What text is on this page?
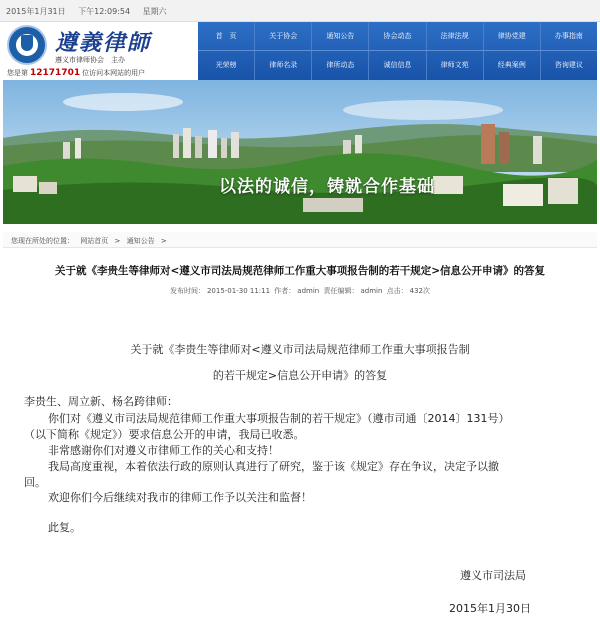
2015年1月31日 下午12:09:54 星期六
遵義律師
遵义市律师协会　主办
您是第 12171701 位访问本网站的用户
首　页	关于协会	通知公告	协会动态	法律法规	律协党建	办事指南
光荣榜	律师名录	律所动态	诚信信息	律师文苑	经典案例	咨询建议
以法的诚信，铸就合作基础
您现在所处的位置： 网站首页 > 通知公告 >
关于就《李贵生等律师对<遵义市司法局规范律师工作重大事项报告制的若干规定>信息公开申请》的答复
发布时间： 2015-01-30 11:11 作者： admin 责任编辑： admin 点击： 432次
关于就《李贵生等律师对<遵义市司法局规范律师工作重大事项报告制
的若干规定>信息公开申请》的答复
李贵生、周立新、杨名跨律师：
你们对《遵义市司法局规范律师工作重大事项报告制的若干规定》（遵市司通〔2014〕131号）
（以下简称《规定》）要求信息公开的申请，我局已收悉。
非常感谢你们对遵义市律师工作的关心和支持！
我局高度重视，本着依法行政的原则认真进行了研究，鉴于该《规定》存在争议，决定予以撤
回。
欢迎你们今后继续对我市的律师工作予以关注和监督！
此复。
遵义市司法局
2015年1月30日
